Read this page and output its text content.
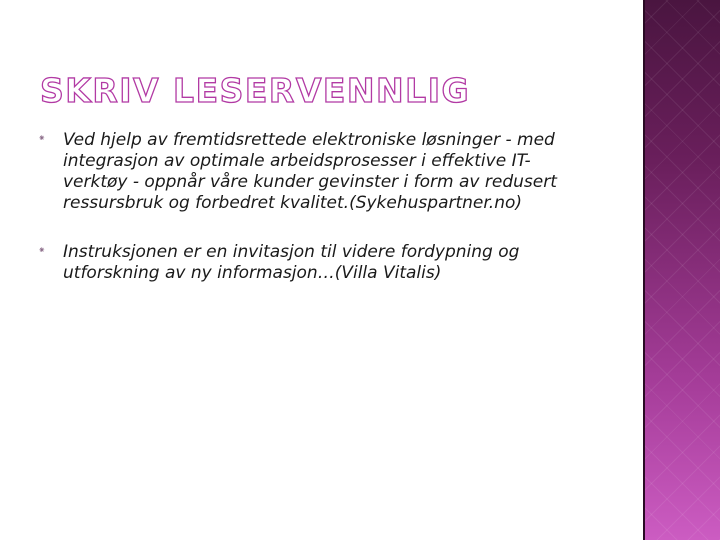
SKRIV LESERVENNLIG
⁕ Ved hjelp av fremtidsrettede elektroniske løsninger - med integrasjon av optimale arbeidsprosesser i effektive IT-verktøy - oppnår våre kunder gevinster i form av redusert ressursbruk og forbedret kvalitet.(Sykehuspartner.no)
⁕ Instruksjonen er en invitasjon til videre fordypning og utforskning av ny informasjon…(Villa Vitalis)
